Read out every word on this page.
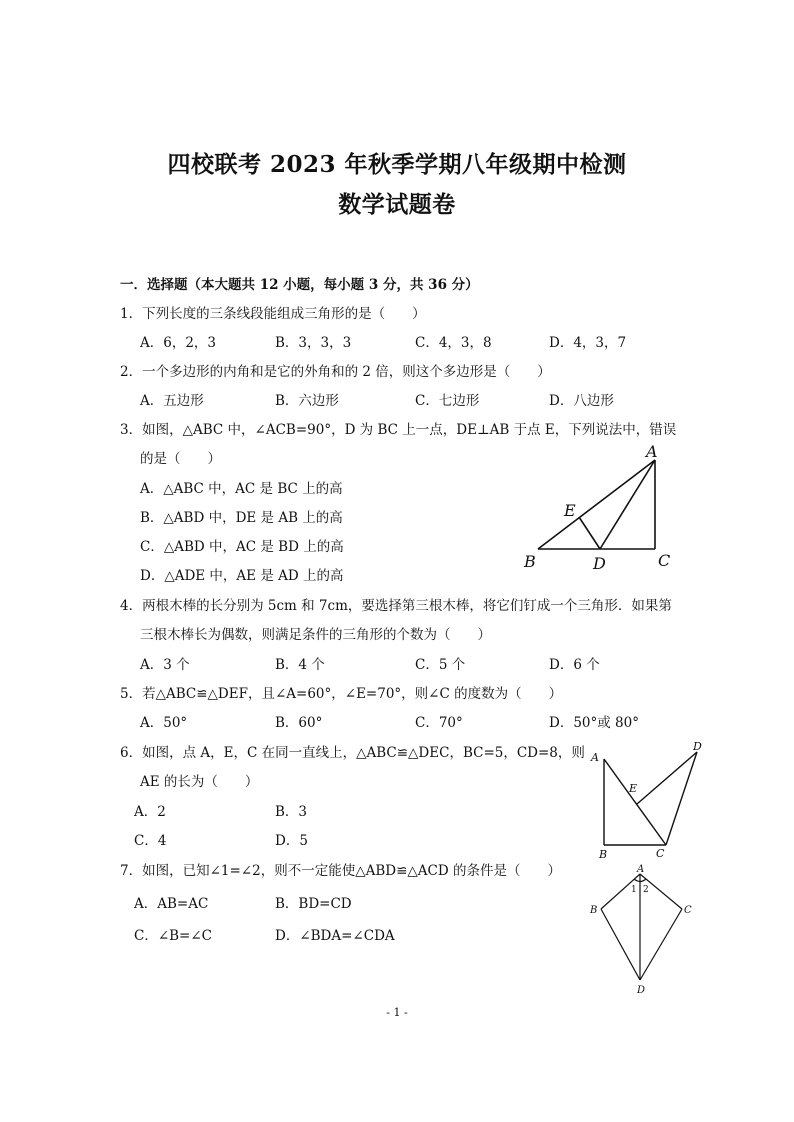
四校联考 2023 年秋季学期八年级期中检测
数学试题卷
一．选择题（本大题共 12 小题，每小题 3 分，共 36 分）
1．下列长度的三条线段能组成三角形的是（　　）
A．6，2，3	B．3，3，3	C．4，3，8	D．4，3，7
2．一个多边形的内角和是它的外角和的 2 倍，则这个多边形是（　　）
A．五边形	B．六边形	C．七边形	D．八边形
3．如图，△ABC 中，∠ACB=90°，D 为 BC 上一点，DE⊥AB 于点 E，下列说法中，错误
的是（　　）
A．△ABC 中，AC 是 BC 上的高
B．△ABD 中，DE 是 AB 上的高
C．△ABD 中，AC 是 BD 上的高
D．△ADE 中，AE 是 AD 上的高
A
B	C
D
E
4．两根木棒的长分别为 5cm 和 7cm，要选择第三根木棒，将它们钉成一个三角形．如果第
三根木棒长为偶数，则满足条件的三角形的个数为（　　）
A．3 个	B．4 个	C．5 个	D．6 个
5．若△ABC≌△DEF，且∠A=60°，∠E=70°，则∠C 的度数为（　　）
A．50°	B．60°	C．70°	D．50°或 80°
6．如图，点 A，E，C 在同一直线上，△ABC≌△DEC，BC=5，CD=8，则
AE 的长为（　　）
A．2	B．3
C．4	D．5
A
B	C
D
E
7．如图，已知∠1=∠2，则不一定能使△ABD≌△ACD 的条件是（　　）
A．AB=AC	B．BD=CD
C．∠B=∠C	D．∠BDA=∠CDA
A
B	C
D
1 2
- 1 -
